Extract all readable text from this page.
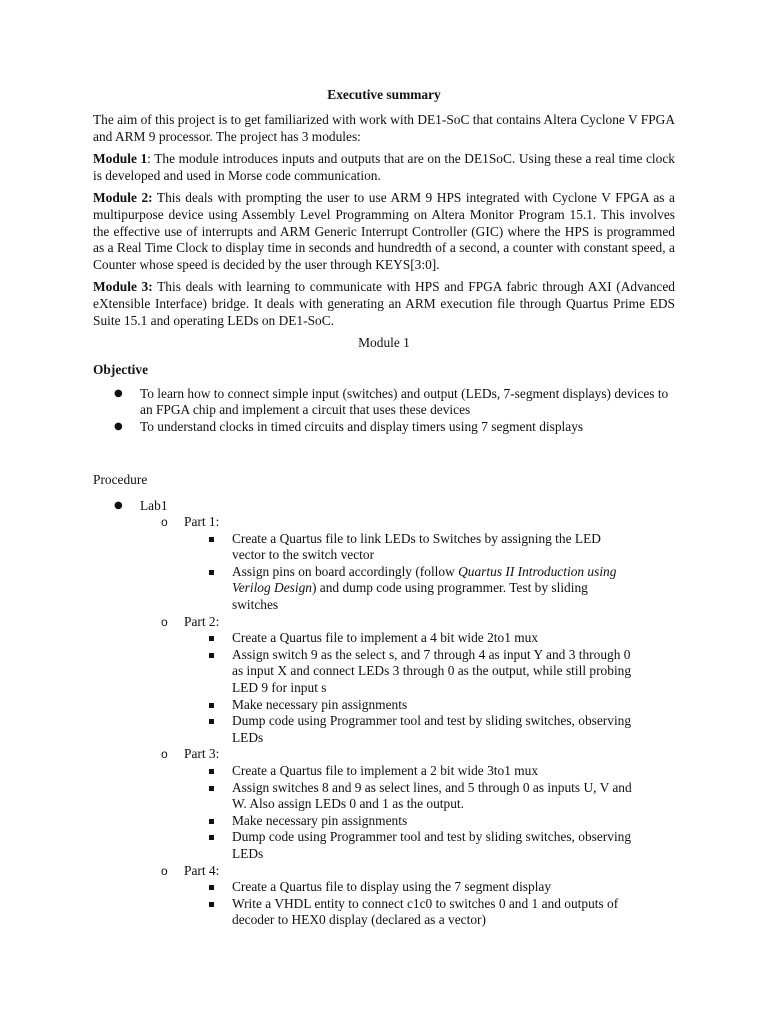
Executive summary

The aim of this project is to get familiarized with work with DE1-SoC that contains Altera Cyclone V FPGA and ARM 9 processor. The project has 3 modules:

Module 1: The module introduces inputs and outputs that are on the DE1SoC. Using these a real time clock is developed and used in Morse code communication.

Module 2: This deals with prompting the user to use ARM 9 HPS integrated with Cyclone V FPGA as a multipurpose device using Assembly Level Programming on Altera Monitor Program 15.1. This involves the effective use of interrupts and ARM Generic Interrupt Controller (GIC) where the HPS is programmed as a Real Time Clock to display time in seconds and hundredth of a second, a counter with constant speed, a Counter whose speed is decided by the user through KEYS[3:0].

Module 3: This deals with learning to communicate with HPS and FPGA fabric through AXI (Advanced eXtensible Interface) bridge. It deals with generating an ARM execution file through Quartus Prime EDS Suite 15.1 and operating LEDs on DE1-SoC.

Module 1

Objective
● To learn how to connect simple input (switches) and output (LEDs, 7-segment displays) devices to an FPGA chip and implement a circuit that uses these devices
● To understand clocks in timed circuits and display timers using 7 segment displays
Procedure
● Lab1
o Part 1:
Create a Quartus file to link LEDs to Switches by assigning the LED vector to the switch vector
Assign pins on board accordingly (follow Quartus II Introduction using Verilog Design) and dump code using programmer. Test by sliding switches
o Part 2:
Create a Quartus file to implement a 4 bit wide 2to1 mux
Assign switch 9 as the select s, and 7 through 4 as input Y and 3 through 0 as input X and connect LEDs 3 through 0 as the output, while still probing LED 9 for input s
Make necessary pin assignments
Dump code using Programmer tool and test by sliding switches, observing LEDs
o Part 3:
Create a Quartus file to implement a 2 bit wide 3to1 mux
Assign switches 8 and 9 as select lines, and 5 through 0 as inputs U, V and W. Also assign LEDs 0 and 1 as the output.
Make necessary pin assignments
Dump code using Programmer tool and test by sliding switches, observing LEDs
o Part 4:
Create a Quartus file to display using the 7 segment display
Write a VHDL entity to connect c1c0 to switches 0 and 1 and outputs of decoder to HEX0 display (declared as a vector)
